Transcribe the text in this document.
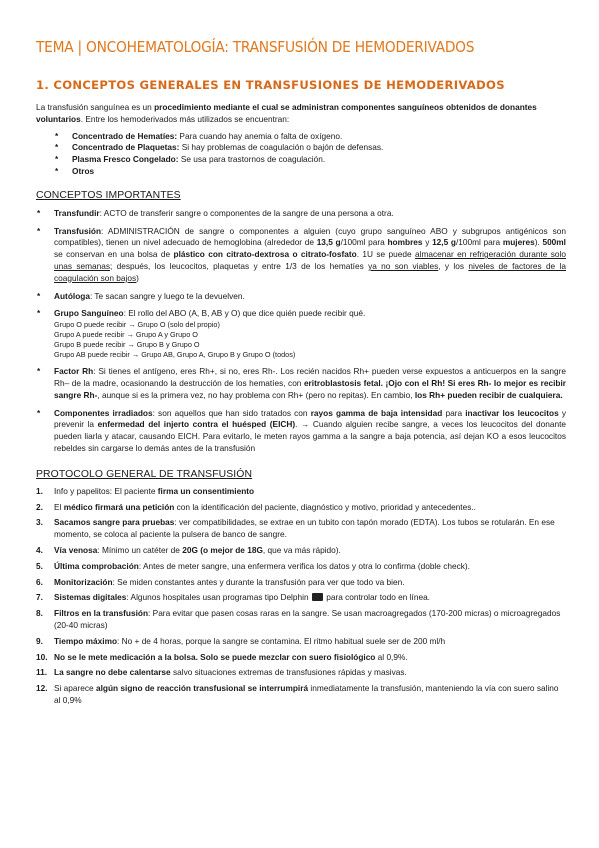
TEMA | ONCOHEMATOLOGÍA: TRANSFUSIÓN DE HEMODERIVADOS
1. CONCEPTOS GENERALES EN TRANSFUSIONES DE HEMODERIVADOS
La transfusión sanguínea es un procedimiento mediante el cual se administran componentes sanguíneos obtenidos de donantes voluntarios. Entre los hemoderivados más utilizados se encuentran:
* Concentrado de Hematíes: Para cuando hay anemia o falta de oxígeno.
* Concentrado de Plaquetas: Si hay problemas de coagulación o bajón de defensas.
* Plasma Fresco Congelado: Se usa para trastornos de coagulación.
* Otros
CONCEPTOS IMPORTANTES
* Transfundir: ACTO de transferir sangre o componentes de la sangre de una persona a otra.
* Transfusión: ADMINISTRACIÓN de sangre o componentes a alguien (cuyo grupo sanguíneo ABO y subgrupos antigénicos son compatibles), tienen un nivel adecuado de hemoglobina (alrededor de 13,5 g/100ml para hombres y 12,5 g/100ml para mujeres). 500ml se conservan en una bolsa de plástico con citrato-dextrosa o citrato-fosfato. 1U se puede almacenar en refrigeración durante solo unas semanas; después, los leucocitos, plaquetas y entre 1/3 de los hematíes ya no son viables, y los niveles de factores de la coagulación son bajos)
* Autóloga: Te sacan sangre y luego te la devuelven.
* Grupo Sanguíneo: El rollo del ABO (A, B, AB y O) que dice quién puede recibir qué.
Grupo O puede recibir → Grupo O (solo del propio)
Grupo A puede recibir → Grupo A y Grupo O
Grupo B puede recibir → Grupo B y Grupo O
Grupo AB puede recibir → Grupo AB, Grupo A, Grupo B y Grupo O (todos)
* Factor Rh: Si tienes el antígeno, eres Rh+, si no, eres Rh-. Los recién nacidos Rh+ pueden verse expuestos a anticuerpos en la sangre Rh– de la madre, ocasionando la destrucción de los hematíes, con eritroblastosis fetal. ¡Ojo con el Rh! Si eres Rh- lo mejor es recibir sangre Rh-, aunque si es la primera vez, no hay problema con Rh+ (pero no repitas). En cambio, los Rh+ pueden recibir de cualquiera.
* Componentes irradiados: son aquellos que han sido tratados con rayos gamma de baja intensidad para inactivar los leucocitos y prevenir la enfermedad del injerto contra el huésped (EICH). → Cuando alguien recibe sangre, a veces los leucocitos del donante pueden liarla y atacar, causando EICH. Para evitarlo, le meten rayos gamma a la sangre a baja potencia, así dejan KO a esos leucocitos rebeldes sin cargarse lo demás antes de la transfusión
PROTOCOLO GENERAL DE TRANSFUSIÓN
1. Info y papelitos: El paciente firma un consentimiento
2. El médico firmará una petición con la identificación del paciente, diagnóstico y motivo, prioridad y antecedentes..
3. Sacamos sangre para pruebas: ver compatibilidades, se extrae en un tubito con tapón morado (EDTA). Los tubos se rotularán. En ese momento, se coloca al paciente la pulsera de banco de sangre.
4. Vía venosa: Mínimo un catéter de 20G (o mejor de 18G, que va más rápido).
5. Última comprobación: Antes de meter sangre, una enfermera verifica los datos y otra lo confirma (doble check).
6. Monitorización: Se miden constantes antes y durante la transfusión para ver que todo va bien.
7. Sistemas digitales: Algunos hospitales usan programas tipo Delphin  para controlar todo en línea.
8. Filtros en la transfusión: Para evitar que pasen cosas raras en la sangre. Se usan macroagregados (170-200 micras) o microagregados (20-40 micras)
9. Tiempo máximo: No + de 4 horas, porque la sangre se contamina. El ritmo habitual suele ser de 200 ml/h
10. No se le mete medicación a la bolsa. Solo se puede mezclar con suero fisiológico al 0,9%.
11. La sangre no debe calentarse salvo situaciones extremas de transfusiones rápidas y masivas.
12. Si aparece algún signo de reacción transfusional se interrumpirá inmediatamente la transfusión, manteniendo la vía con suero salino al 0,9%
